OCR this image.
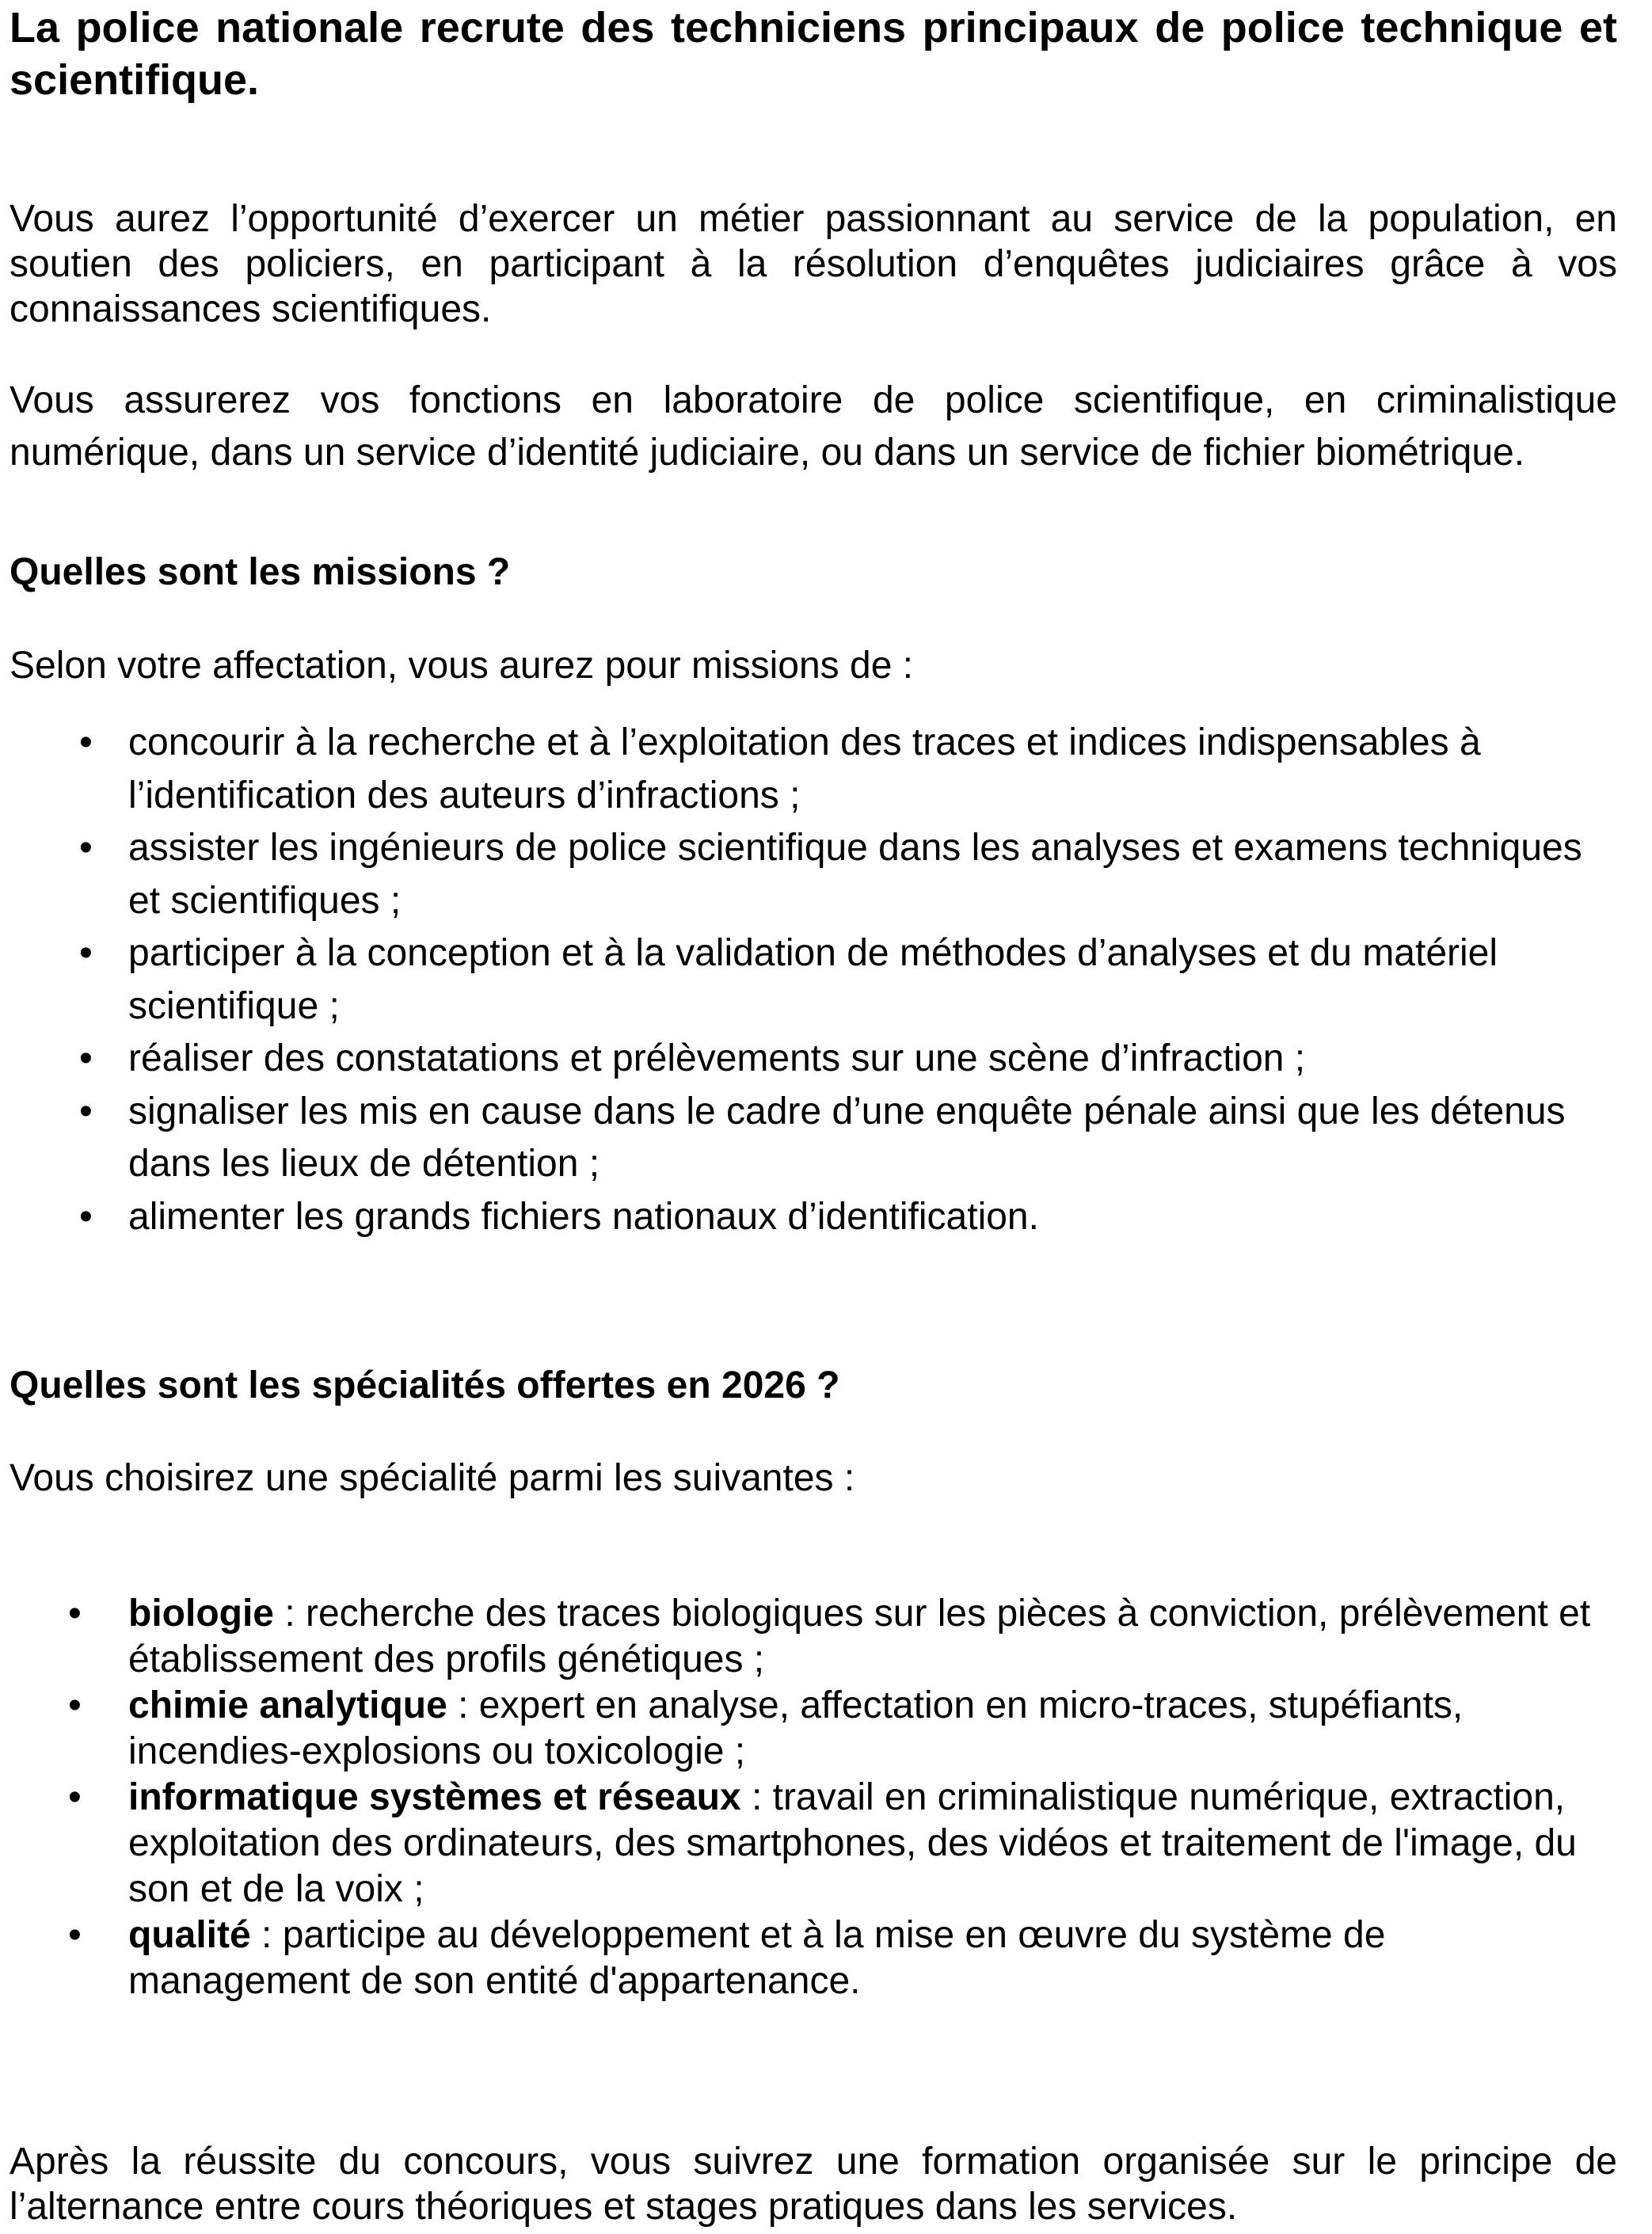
La police nationale recrute des techniciens principaux de police technique et scientifique.

Vous aurez l’opportunité d’exercer un métier passionnant au service de la population, en soutien des policiers, en participant à la résolution d’enquêtes judiciaires grâce à vos connaissances scientifiques.

Vous assurerez vos fonctions en laboratoire de police scientifique, en criminalistique numérique, dans un service d’identité judiciaire, ou dans un service de fichier biométrique.

Quelles sont les missions ?

Selon votre affectation, vous aurez pour missions de :

• concourir à la recherche et à l’exploitation des traces et indices indispensables à l’identification des auteurs d’infractions ;
• assister les ingénieurs de police scientifique dans les analyses et examens techniques et scientifiques ;
• participer à la conception et à la validation de méthodes d’analyses et du matériel scientifique ;
• réaliser des constatations et prélèvements sur une scène d’infraction ;
• signaliser les mis en cause dans le cadre d’une enquête pénale ainsi que les détenus dans les lieux de détention ;
• alimenter les grands fichiers nationaux d’identification.
Quelles sont les spécialités offertes en 2026 ?

Vous choisirez une spécialité parmi les suivantes :

• biologie : recherche des traces biologiques sur les pièces à conviction, prélèvement et établissement des profils génétiques ;
• chimie analytique : expert en analyse, affectation en micro-traces, stupéfiants, incendies-explosions ou toxicologie ;
• informatique systèmes et réseaux : travail en criminalistique numérique, extraction, exploitation des ordinateurs, des smartphones, des vidéos et traitement de l'image, du son et de la voix ;
• qualité : participe au développement et à la mise en œuvre du système de management de son entité d'appartenance.

Après la réussite du concours, vous suivrez une formation organisée sur le principe de l’alternance entre cours théoriques et stages pratiques dans les services.
